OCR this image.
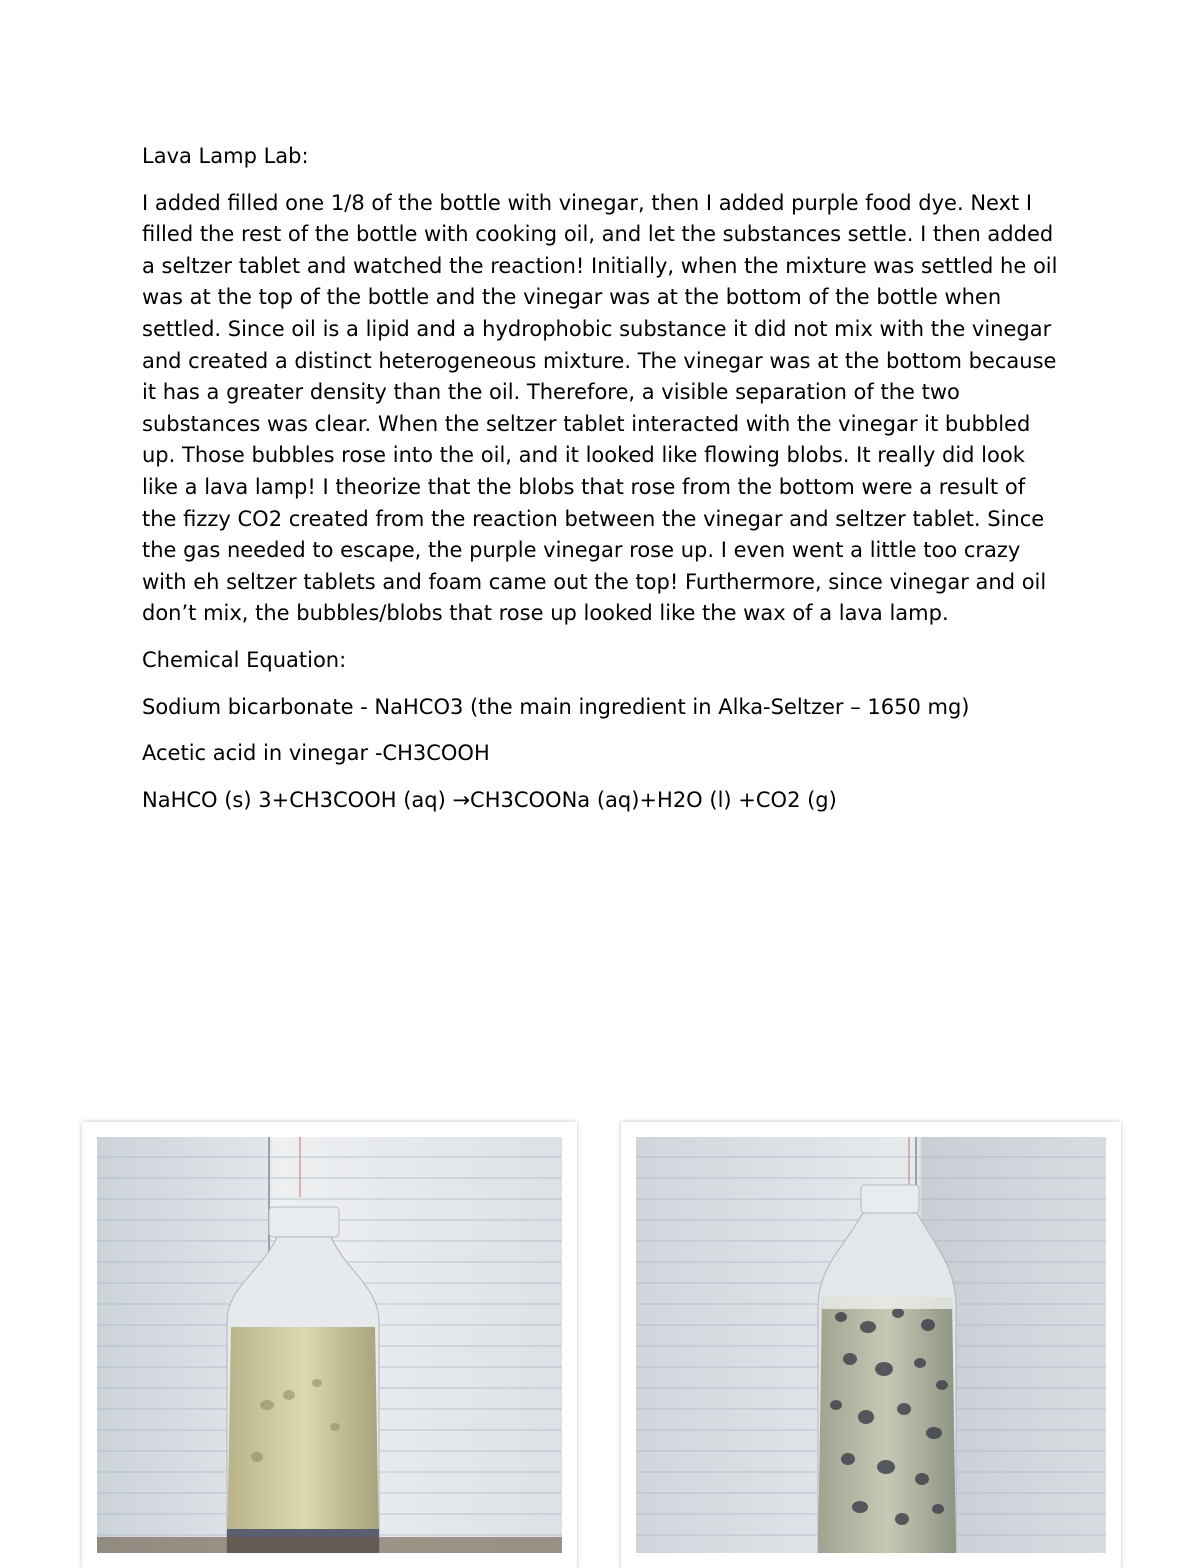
Lava Lamp Lab:

I added filled one 1/8 of the bottle with vinegar, then I added purple food dye. Next I filled the rest of the bottle with cooking oil, and let the substances settle. I then added a seltzer tablet and watched the reaction! Initially, when the mixture was settled he oil was at the top of the bottle and the vinegar was at the bottom of the bottle when settled. Since oil is a lipid and a hydrophobic substance it did not mix with the vinegar and created a distinct heterogeneous mixture. The vinegar was at the bottom because it has a greater density than the oil. Therefore, a visible separation of the two substances was clear. When the seltzer tablet interacted with the vinegar it bubbled up. Those bubbles rose into the oil, and it looked like flowing blobs. It really did look like a lava lamp! I theorize that the blobs that rose from the bottom were a result of the fizzy CO2 created from the reaction between the vinegar and seltzer tablet. Since the gas needed to escape, the purple vinegar rose up. I even went a little too crazy with eh seltzer tablets and foam came out the top! Furthermore, since vinegar and oil don’t mix, the bubbles/blobs that rose up looked like the wax of a lava lamp.

Chemical Equation:

Sodium bicarbonate - NaHCO3 (the main ingredient in Alka-Seltzer – 1650 mg)

Acetic acid in vinegar -CH3COOH

NaHCO (s) 3+CH3COOH (aq) →CH3COONa (aq)+H2O (l) +CO2 (g)
